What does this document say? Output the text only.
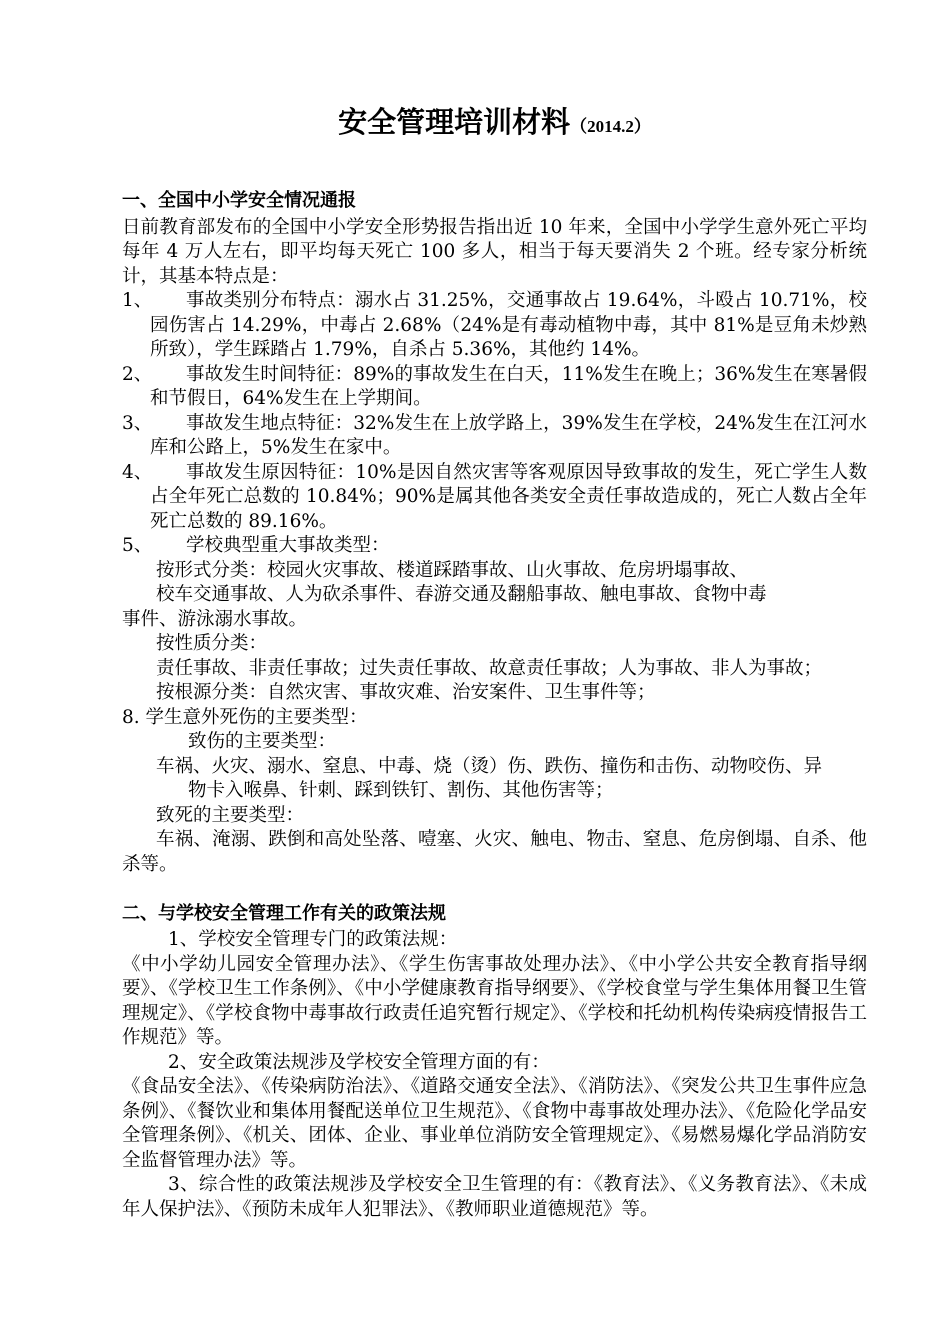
安全管理培训材料（2014.2）

一、全国中小学安全情况通报

日前教育部发布的全国中小学安全形势报告指出近 10 年来，全国中小学学生意外死亡平均每年 4 万人左右，即平均每天死亡 100 多人，相当于每天要消失 2 个班。经专家分析统计，其基本特点是：

1、	事故类别分布特点：溺水占 31.25%，交通事故占 19.64%，斗殴占 10.71%，校园伤害占 14.29%，中毒占 2.68%（24%是有毒动植物中毒，其中 81%是豆角未炒熟所致），学生踩踏占 1.79%，自杀占 5.36%，其他约 14%。
2、	事故发生时间特征：89%的事故发生在白天，11%发生在晚上；36%发生在寒暑假和节假日，64%发生在上学期间。
3、	事故发生地点特征：32%发生在上放学路上，39%发生在学校，24%发生在江河水库和公路上，5%发生在家中。
4、	事故发生原因特征：10%是因自然灾害等客观原因导致事故的发生，死亡学生人数占全年死亡总数的 10.84%；90%是属其他各类安全责任事故造成的，死亡人数占全年死亡总数的 89.16%。
5、	学校典型重大事故类型：

按形式分类：校园火灾事故、楼道踩踏事故、山火事故、危房坍塌事故、

校车交通事故、人为砍杀事件、春游交通及翻船事故、触电事故、食物中毒

事件、游泳溺水事故。

按性质分类：

责任事故、非责任事故；过失责任事故、故意责任事故；人为事故、非人为事故；

按根源分类：自然灾害、事故灾难、治安案件、卫生事件等；

8. 学生意外死伤的主要类型：

致伤的主要类型：

车祸、火灾、溺水、窒息、中毒、烧（烫）伤、跌伤、撞伤和击伤、动物咬伤、异

物卡入喉鼻、针刺、踩到铁钉、割伤、其他伤害等；

致死的主要类型：

车祸、淹溺、跌倒和高处坠落、噎塞、火灾、触电、物击、窒息、危房倒塌、自杀、他杀等。

二、与学校安全管理工作有关的政策法规

1、学校安全管理专门的政策法规：

《中小学幼儿园安全管理办法》、《学生伤害事故处理办法》、《中小学公共安全教育指导纲要》、《学校卫生工作条例》、《中小学健康教育指导纲要》、《学校食堂与学生集体用餐卫生管理规定》、《学校食物中毒事故行政责任追究暂行规定》、《学校和托幼机构传染病疫情报告工作规范》等。

2、安全政策法规涉及学校安全管理方面的有：

《食品安全法》、《传染病防治法》、《道路交通安全法》、《消防法》、《突发公共卫生事件应急条例》、《餐饮业和集体用餐配送单位卫生规范》、《食物中毒事故处理办法》、《危险化学品安全管理条例》、《机关、团体、企业、事业单位消防安全管理规定》、《易燃易爆化学品消防安全监督管理办法》等。

3、综合性的政策法规涉及学校安全卫生管理的有：《教育法》、《义务教育法》、《未成年人保护法》、《预防未成年人犯罪法》、《教师职业道德规范》等。
